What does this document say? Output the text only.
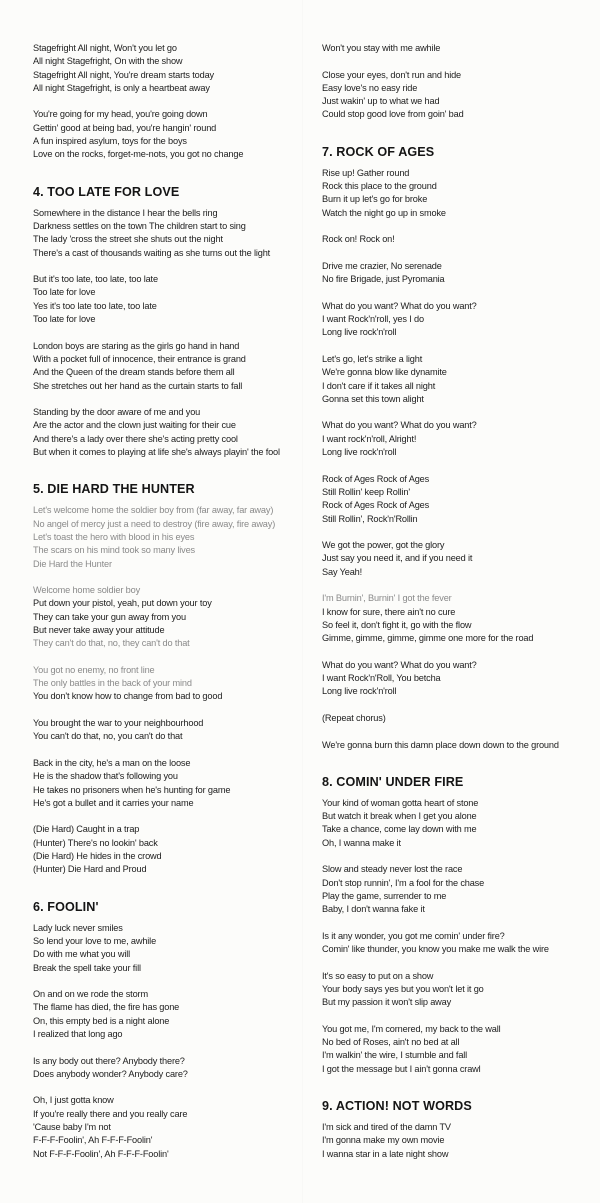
Stagefright All night, Won't you let go
All night Stagefright, On with the show
Stagefright All night, You're dream starts today
All night Stagefright, is only a heartbeat away
You're going for my head, you're going down
Gettin' good at being bad, you're hangin' round
A fun inspired asylum, toys for the boys
Love on the rocks, forget-me-nots, you got no change
4. TOO LATE FOR LOVE
Somewhere in the distance I hear the bells ring
Darkness settles on the town The children start to sing
The lady 'cross the street she shuts out the night
There's a cast of thousands waiting as she turns out the light
But it's too late, too late, too late
Too late for love
Yes it's too late too late, too late
Too late for love
London boys are staring as the girls go hand in hand
With a pocket full of innocence, their entrance is grand
And the Queen of the dream stands before them all
She stretches out her hand as the curtain starts to fall
Standing by the door aware of me and you
Are the actor and the clown just waiting for their cue
And there's a lady over there she's acting pretty cool
But when it comes to playing at life she's always playin' the fool
5. DIE HARD THE HUNTER
Let's welcome home the soldier boy from (far away, far away)
No angel of mercy just a need to destroy (fire away, fire away)
Let's toast the hero with blood in his eyes
The scars on his mind took so many lives
Die Hard the Hunter
Welcome home soldier boy
Put down your pistol, yeah, put down your toy
They can take your gun away from you
But never take away your attitude
They can't do that, no, they can't do that
You got no enemy, no front line
The only battles in the back of your mind
You don't know how to change from bad to good
You brought the war to your neighbourhood
You can't do that, no, you can't do that
Back in the city, he's a man on the loose
He is the shadow that's following you
He takes no prisoners when he's hunting for game
He's got a bullet and it carries your name
(Die Hard) Caught in a trap
(Hunter) There's no lookin' back
(Die Hard) He hides in the crowd
(Hunter) Die Hard and Proud
6. FOOLIN'
Lady luck never smiles
So lend your love to me, awhile
Do with me what you will
Break the spell take your fill
On and on we rode the storm
The flame has died, the fire has gone
On, this empty bed is a night alone
I realized that long ago
Is any body out there? Anybody there?
Does anybody wonder? Anybody care?
Oh, I just gotta know
If you're really there and you really care
'Cause baby I'm not
F-F-F-Foolin', Ah F-F-F-Foolin'
Not F-F-F-Foolin', Ah F-F-F-Foolin'
Won't you stay with me awhile
Close your eyes, don't run and hide
Easy love's no easy ride
Just wakin' up to what we had
Could stop good love from goin' bad
7. ROCK OF AGES
Rise up! Gather round
Rock this place to the ground
Burn it up let's go for broke
Watch the night go up in smoke
Rock on! Rock on!
Drive me crazier, No serenade
No fire Brigade, just Pyromania
What do you want? What do you want?
I want Rock'n'roll, yes I do
Long live rock'n'roll
Let's go, let's strike a light
We're gonna blow like dynamite
I don't care if it takes all night
Gonna set this town alight
What do you want? What do you want?
I want rock'n'roll, Alright!
Long live rock'n'roll
Rock of Ages Rock of Ages
Still Rollin' keep Rollin'
Rock of Ages Rock of Ages
Still Rollin', Rock'n'Rollin
We got the power, got the glory
Just say you need it, and if you need it
Say Yeah!
I'm Burnin', Burnin' I got the fever
I know for sure, there ain't no cure
So feel it, don't fight it, go with the flow
Gimme, gimme, gimme, gimme one more for the road
What do you want? What do you want?
I want Rock'n'Roll, You betcha
Long live rock'n'roll
(Repeat chorus)
We're gonna burn this damn place down down to the ground
8. COMIN' UNDER FIRE
Your kind of woman gotta heart of stone
But watch it break when I get you alone
Take a chance, come lay down with me
Oh, I wanna make it
Slow and steady never lost the race
Don't stop runnin', I'm a fool for the chase
Play the game, surrender to me
Baby, I don't wanna fake it
Is it any wonder, you got me comin' under fire?
Comin' like thunder, you know you make me walk the wire
It's so easy to put on a show
Your body says yes but you won't let it go
But my passion it won't slip away
You got me, I'm cornered, my back to the wall
No bed of Roses, ain't no bed at all
I'm walkin' the wire, I stumble and fall
I got the message but I ain't gonna crawl
9. ACTION! NOT WORDS
I'm sick and tired of the damn TV
I'm gonna make my own movie
I wanna star in a late night show
